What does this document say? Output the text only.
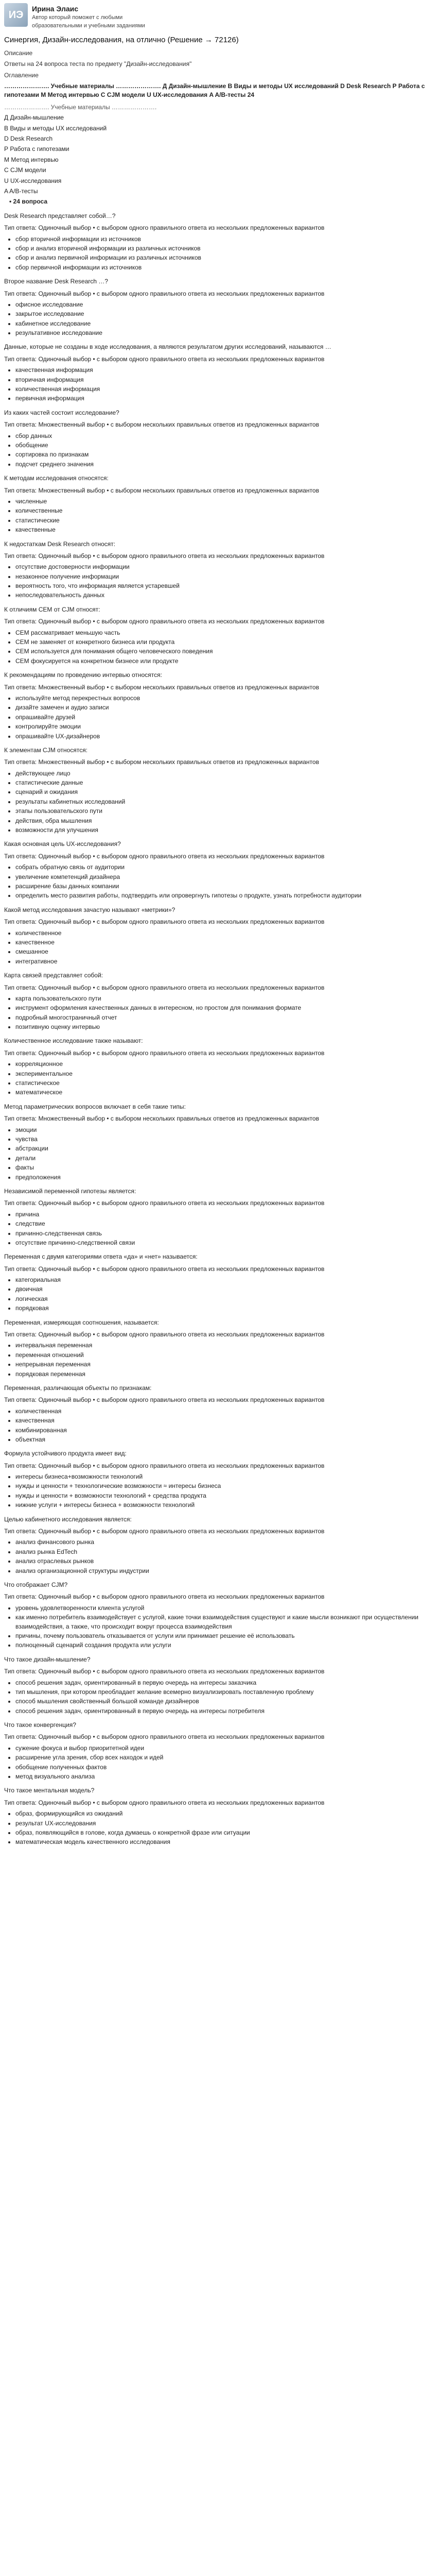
ИЭ
Ирина Элаис
Автор который поможет с любыми образовательными и учебными заданиями
Синергия, Дизайн-исследования, на отлично (Решение → 72126)
Описание
Ответы на 24 вопроса теста по предмету "Дизайн-исследования"
Оглавление
…………………. Учебные материалы …………………. Д Дизайн-мышление В Виды и методы UX исследований D Desk Research Р Работа с гипотезами М Метод интервью С CJM модели U UX-исследования A A/B-тесты 24
…………………. Учебные материалы ………………….
Д Дизайн-мышление
В Виды и методы UX исследований
D Desk Research
Р Работа с гипотезами
М Метод интервью
С CJM модели
U UX-исследования
A A/B-тесты
• 24 вопроса
Desk Research представляет собой…?
Тип ответа: Одиночный выбор • с выбором одного правильного ответа из нескольких предложенных вариантов
• сбор вторичной информации из источников
• сбор и анализ вторичной информации из различных источников
• сбор и анализ первичной информации из различных источников
• сбор первичной информации из источников
Второе название Desk Research …?
Тип ответа: Одиночный выбор • с выбором одного правильного ответа из нескольких предложенных вариантов
• офисное исследование
• закрытое исследование
• кабинетное исследование
• результативное исследование
Данные, которые не созданы в ходе исследования, а являются результатом других исследований, называются …
Тип ответа: Одиночный выбор • с выбором одного правильного ответа из нескольких предложенных вариантов
• качественная информация
• вторичная информация
• количественная информация
• первичная информация
Из каких частей состоит исследование?
Тип ответа: Множественный выбор • с выбором нескольких правильных ответов из предложенных вариантов
• сбор данных
• обобщение
• сортировка по признакам
• подсчет среднего значения
К методам исследования относятся:
Тип ответа: Множественный выбор • с выбором нескольких правильных ответов из предложенных вариантов
• численные
• количественные
• статистические
• качественные
К недостаткам Desk Research относят:
Тип ответа: Одиночный выбор • с выбором одного правильного ответа из нескольких предложенных вариантов
• отсутствие достоверности информации
• незаконное получение информации
• вероятность того, что информация является устаревшей
• непоследовательность данных
К отличиям CEM от CJM относят:
Тип ответа: Одиночный выбор • с выбором одного правильного ответа из нескольких предложенных вариантов
• CEM рассматривает меньшую часть
• CEM не заменяет от конкретного бизнеса или продукта
• CEM используется для понимания общего человеческого поведения
• CEM фокусируется на конкретном бизнесе или продукте
К рекомендациям по проведению интервью относятся:
Тип ответа: Множественный выбор • с выбором нескольких правильных ответов из предложенных вариантов
• используйте метод перекрестных вопросов
• дизайте замечен и аудио записи
• опрашивайте друзей
• контролируйте эмоции
• опрашивайте UX-дизайнеров
К элементам CJM относятся:
Тип ответа: Множественный выбор • с выбором нескольких правильных ответов из предложенных вариантов
• действующее лицо
• статистические данные
• сценарий и ожидания
• результаты кабинетных исследований
• этапы пользовательского пути
• действия, обра мышления
• возможности для улучшения
Какая основная цель UX-исследования?
Тип ответа: Одиночный выбор • с выбором одного правильного ответа из нескольких предложенных вариантов
• собрать обратную связь от аудитории
• увеличение компетенций дизайнера
• расширение базы данных компании
• определить место развития работы, подтвердить или опровергнуть гипотезы о продукте, узнать потребности аудитории
Какой метод исследования зачастую называют «метрики»?
Тип ответа: Одиночный выбор • с выбором одного правильного ответа из нескольких предложенных вариантов
• количественное
• качественное
• смешанное
• интегративное
Карта связей представляет собой:
Тип ответа: Одиночный выбор • с выбором одного правильного ответа из нескольких предложенных вариантов
• карта пользовательского пути
• инструмент оформления качественных данных в интересном, но простом для понимания формате
• подробный многостраничный отчет
• позитивную оценку интервью
Количественное исследование также называют:
Тип ответа: Одиночный выбор • с выбором одного правильного ответа из нескольких предложенных вариантов
• корреляционное
• экспериментальное
• статистическое
• математическое
Метод параметрических вопросов включает в себя такие типы:
Тип ответа: Множественный выбор • с выбором нескольких правильных ответов из предложенных вариантов
• эмоции
• чувства
• абстракции
• детали
• факты
• предположения
Независимой переменной гипотезы является:
Тип ответа: Одиночный выбор • с выбором одного правильного ответа из нескольких предложенных вариантов
• причина
• следствие
• причинно-следственная связь
• отсутствие причинно-следственной связи
Переменная с двумя категориями ответа «да» и «нет» называется:
Тип ответа: Одиночный выбор • с выбором одного правильного ответа из нескольких предложенных вариантов
• категориальная
• двоичная
• логическая
• порядковая
Переменная, измеряющая соотношения, называется:
Тип ответа: Одиночный выбор • с выбором одного правильного ответа из нескольких предложенных вариантов
• интервальная переменная
• переменная отношений
• непрерывная переменная
• порядковая переменная
Переменная, различающая объекты по признакам:
Тип ответа: Одиночный выбор • с выбором одного правильного ответа из нескольких предложенных вариантов
• количественная
• качественная
• комбинированная
• объектная
Формула устойчивого продукта имеет вид:
Тип ответа: Одиночный выбор • с выбором одного правильного ответа из нескольких предложенных вариантов
• интересы бизнеса+возможности технологий
• нужды и ценности + технологические возможности ≈ интересы бизнеса
• нужды и ценности + возможности технологий + средства продукта
• нижние услуги + интересы бизнеса + возможности технологий
Целью кабинетного исследования является:
Тип ответа: Одиночный выбор • с выбором одного правильного ответа из нескольких предложенных вариантов
• анализ финансового рынка
• анализ рынка EdTech
• анализ отраслевых рынков
• анализ организационной структуры индустрии
Что отображает CJM?
Тип ответа: Одиночный выбор • с выбором одного правильного ответа из нескольких предложенных вариантов
• уровень удовлетворенности клиента услугой
• как именно потребитель взаимодействует с услугой, какие точки взаимодействия существуют и какие мысли возникают при осуществлении взаимодействия, а также, что происходит вокруг процесса взаимодействия
• причины, почему пользователь отказывается от услуги или принимает решение её использовать
• полноценный сценарий создания продукта или услуги
Что такое дизайн-мышление?
Тип ответа: Одиночный выбор • с выбором одного правильного ответа из нескольких предложенных вариантов
• способ решения задач, ориентированный в первую очередь на интересы заказчика
• тип мышления, при котором преобладает желание всемерно визуализировать поставленную проблему
• способ мышления свойственный большой команде дизайнеров
• способ решения задач, ориентированный в первую очередь на интересы потребителя
Что такое конвергенция?
Тип ответа: Одиночный выбор • с выбором одного правильного ответа из нескольких предложенных вариантов
• сужение фокуса и выбор приоритетной идеи
• расширение угла зрения, сбор всех находок и идей
• обобщение полученных фактов
• метод визуального анализа
Что такое ментальная модель?
Тип ответа: Одиночный выбор • с выбором одного правильного ответа из нескольких предложенных вариантов
• образ, формирующийся из ожиданий
• результат UX-исследования
• образ, появляющийся в голове, когда думаешь о конкретной фразе или ситуации
• математическая модель качественного исследования
